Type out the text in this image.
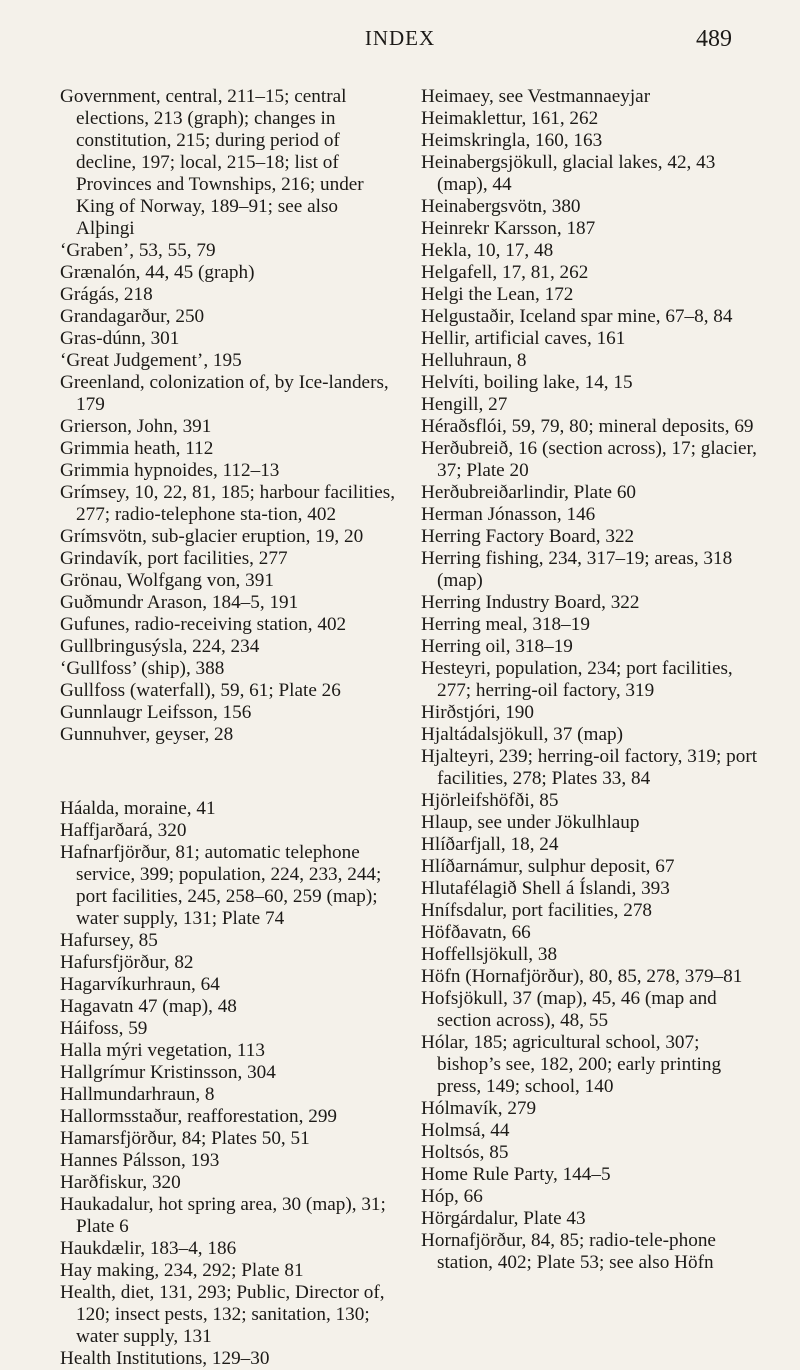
INDEX	489

Government, central, 211–15; central elections, 213 (graph); changes in constitution, 215; during period of decline, 197; local, 215–18; list of Provinces and Townships, 216; under King of Norway, 189–91; see also Alþingi

‘Graben’, 53, 55, 79

Grænalón, 44, 45 (graph)

Grágás, 218

Grandagarður, 250

Gras-dúnn, 301

‘Great Judgement’, 195

Greenland, colonization of, by Ice-landers, 179

Grierson, John, 391

Grimmia heath, 112

Grimmia hypnoides, 112–13

Grímsey, 10, 22, 81, 185; harbour facilities, 277; radio-telephone sta-tion, 402

Grímsvötn, sub-glacier eruption, 19, 20

Grindavík, port facilities, 277

Grönau, Wolfgang von, 391

Guðmundr Arason, 184–5, 191

Gufunes, radio-receiving station, 402

Gullbringusýsla, 224, 234

‘Gullfoss’ (ship), 388

Gullfoss (waterfall), 59, 61; Plate 26

Gunnlaugr Leifsson, 156

Gunnuhver, geyser, 28

Háalda, moraine, 41

Haffjarðará, 320

Hafnarfjörður, 81; automatic telephone service, 399; population, 224, 233, 244; port facilities, 245, 258–60, 259 (map); water supply, 131; Plate 74

Hafursey, 85

Hafursfjörður, 82

Hagarvíkurhraun, 64

Hagavatn 47 (map), 48

Háifoss, 59

Halla mýri vegetation, 113

Hallgrímur Kristinsson, 304

Hallmundarhraun, 8

Hallormsstaður, reafforestation, 299

Hamarsfjörður, 84; Plates 50, 51

Hannes Pálsson, 193

Harðfiskur, 320

Haukadalur, hot spring area, 30 (map), 31; Plate 6

Haukdælir, 183–4, 186

Hay making, 234, 292; Plate 81

Health, diet, 131, 293; Public, Director of, 120; insect pests, 132; sanitation, 130; water supply, 131

Health Institutions, 129–30

Heimaey, see Vestmannaeyjar

Heimaklettur, 161, 262

Heimskringla, 160, 163

Heinabergsjökull, glacial lakes, 42, 43 (map), 44

Heinabergsvötn, 380

Heinrekr Karsson, 187

Hekla, 10, 17, 48

Helgafell, 17, 81, 262

Helgi the Lean, 172

Helgustaðir, Iceland spar mine, 67–8, 84

Hellir, artificial caves, 161

Helluhraun, 8

Helvíti, boiling lake, 14, 15

Hengill, 27

Héraðsflói, 59, 79, 80; mineral deposits, 69

Herðubreið, 16 (section across), 17; glacier, 37; Plate 20

Herðubreiðarlindir, Plate 60

Herman Jónasson, 146

Herring Factory Board, 322

Herring fishing, 234, 317–19; areas, 318 (map)

Herring Industry Board, 322

Herring meal, 318–19

Herring oil, 318–19

Hesteyri, population, 234; port facilities, 277; herring-oil factory, 319

Hirðstjóri, 190

Hjaltádalsjökull, 37 (map)

Hjalteyri, 239; herring-oil factory, 319; port facilities, 278; Plates 33, 84

Hjörleifshöfði, 85

Hlaup, see under Jökulhlaup

Hlíðarfjall, 18, 24

Hlíðarnámur, sulphur deposit, 67

Hlutafélagið Shell á Íslandi, 393

Hnífsdalur, port facilities, 278

Höfðavatn, 66

Hoffellsjökull, 38

Höfn (Hornafjörður), 80, 85, 278, 379–81

Hofsjökull, 37 (map), 45, 46 (map and section across), 48, 55

Hólar, 185; agricultural school, 307; bishop’s see, 182, 200; early printing press, 149; school, 140

Hólmavík, 279

Holmsá, 44

Holtsós, 85

Home Rule Party, 144–5

Hóp, 66

Hörgárdalur, Plate 43

Hornafjörður, 84, 85; radio-tele-phone station, 402; Plate 53; see also Höfn
